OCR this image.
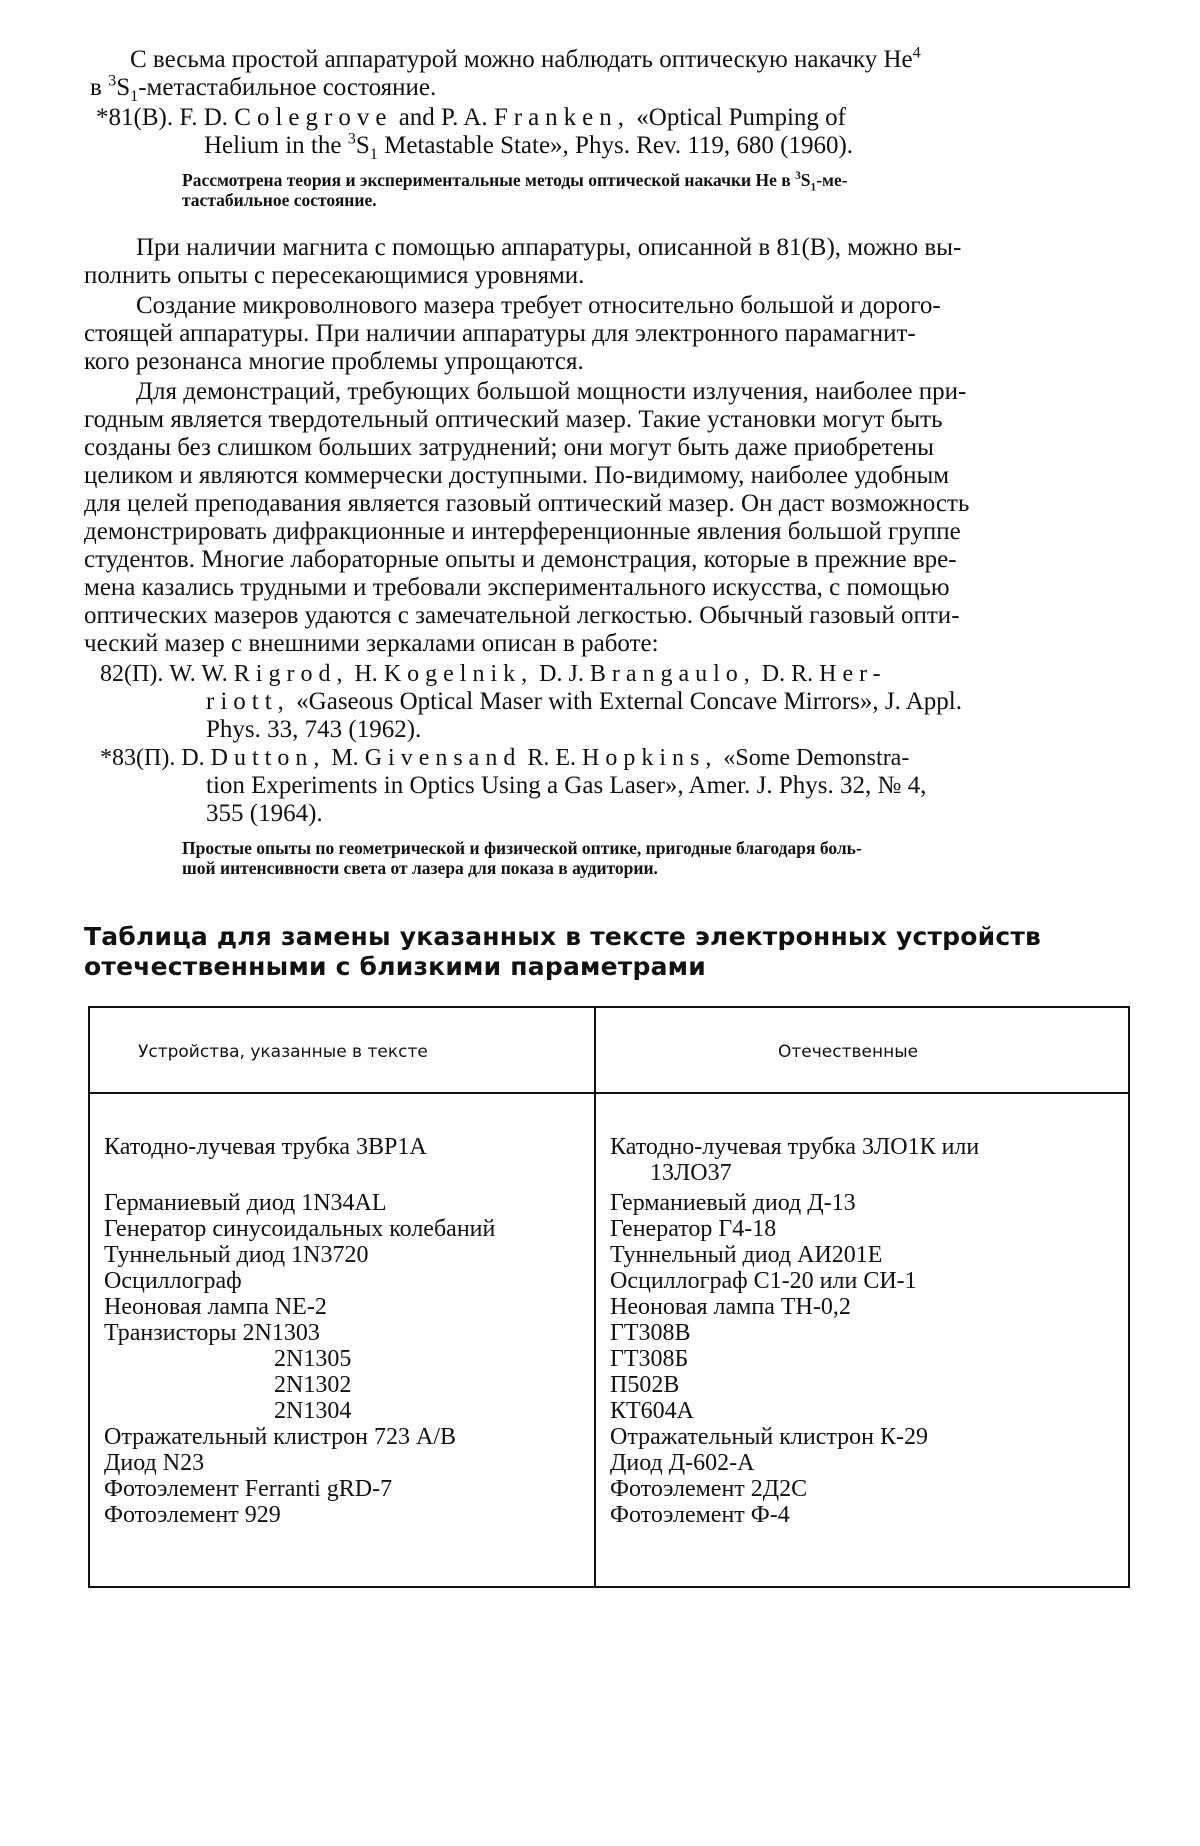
С весьма простой аппаратурой можно наблюдать оптическую накачку He4
в 3S1-метастабильное состояние.
*81(B). F. D. Colegrove and P. A. Franken, «Optical Pumping of
Helium in the 3S1 Metastable State», Phys. Rev. 119, 680 (1960).
Рассмотрена теория и экспериментальные методы оптической накачки He в 3S1-ме-
тастабильное состояние.
При наличии магнита с помощью аппаратуры, описанной в 81(B), можно вы-
полнить опыты с пересекающимися уровнями.
Создание микроволнового мазера требует относительно большой и дорого-
стоящей аппаратуры. При наличии аппаратуры для электронного парамагнит-
кого резонанса многие проблемы упрощаются.
Для демонстраций, требующих большой мощности излучения, наиболее при-
годным является твердотельный оптический мазер. Такие установки могут быть
созданы без слишком больших затруднений; они могут быть даже приобретены
целиком и являются коммерчески доступными. По-видимому, наиболее удобным
для целей преподавания является газовый оптический мазер. Он даст возможность
демонстрировать дифракционные и интерференционные явления большой группе
студентов. Многие лабораторные опыты и демонстрация, которые в прежние вре-
мена казались трудными и требовали экспериментального искусства, с помощью
оптических мазеров удаются с замечательной легкостью. Обычный газовый опти-
ческий мазер с внешними зеркалами описан в работе:
82(П). W. W. Rigrod, H. Kogelnik, D. J. Brangaulo, D. R. Her-
riott, «Gaseous Optical Maser with External Concave Mirrors», J. Appl.
Phys. 33, 743 (1962).
*83(П). D. Dutton, M. Givensand R. E. Hopkins, «Some Demonstra-
tion Experiments in Optics Using a Gas Laser», Amer. J. Phys. 32, № 4,
355 (1964).
Простые опыты по геометрической и физической оптике, пригодные благодаря боль-
шой интенсивности света от лазера для показа в аудитории.
Таблица для замены указанных в тексте электронных устройств
отечественными с близкими параметрами
Устройства, указанные в тексте	Отечественные
Катодно-лучевая трубка 3BP1A
Германиевый диод 1N34AL
Генератор синусоидальных колебаний
Туннельный диод 1N3720
Осциллограф
Неоновая лампа NE-2
Транзисторы 2N1303
2N1305
2N1302
2N1304
Отражательный клистрон 723 A/B
Диод N23
Фотоэлемент Ferranti gRD-7
Фотоэлемент 929
Катодно-лучевая трубка 3ЛО1К или
13ЛО37
Германиевый диод Д-13
Генератор Г4-18
Туннельный диод АИ201Е
Осциллограф С1-20 или СИ-1
Неоновая лампа ТН-0,2
ГТ308В
ГТ308Б
П502В
КТ604А
Отражательный клистрон К-29
Диод Д-602-А
Фотоэлемент 2Д2С
Фотоэлемент Ф-4
